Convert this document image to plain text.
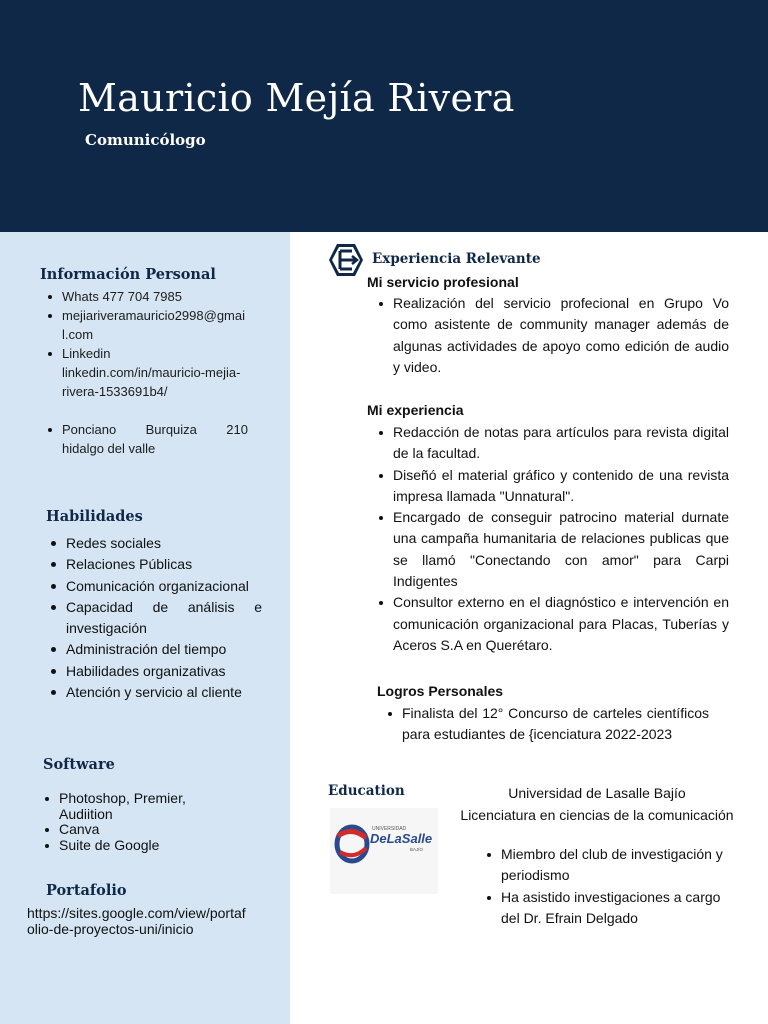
Mauricio Mejía Rivera
Comunicólogo
Información Personal
Whats 477 704 7985
mejiariveramauricio2998@gmail.com
Linkedin linkedin.com/in/mauricio-mejia-rivera-1533691b4/
Ponciano Burquiza 210
hidalgo del valle
Habilidades
Redes sociales
Relaciones Públicas
Comunicación organizacional
Capacidad de análisis e
investigación
Administración del tiempo
Habilidades organizativas
Atención y servicio al cliente
Software
Photoshop, Premier, Audiition
Canva
Suite de Google
Portafolio
https://sites.google.com/view/portafolio-de-proyectos-uni/inicio
Experiencia Relevante
Mi servicio profesional
Realización del servicio profecional en Grupo Vo como asistente de community manager además de algunas actividades de apoyo como edición de audio y video.
Mi experiencia
Redacción de notas para artículos para revista digital de la facultad.
Diseñó el material gráfico y contenido de una revista impresa llamada "Unnatural".
Encargado de conseguir patrocino material durnate una campaña humanitaria de relaciones publicas que se llamó "Conectando con amor" para Carpi Indigentes
Consultor externo en el diagnóstico e intervención en comunicación organizacional para Placas, Tuberías y Aceros S.A en Querétaro.
Logros Personales
Finalista del 12° Concurso de carteles científicos para estudiantes de {icenciatura 2022-2023
Education
UNIVERSIDAD
DeLaSalle
BAJÍO
Universidad de Lasalle Bajío
Licenciatura en ciencias de la comunicación
Miembro del club de investigación y periodismo
Ha asistido investigaciones a cargo del Dr. Efrain Delgado
